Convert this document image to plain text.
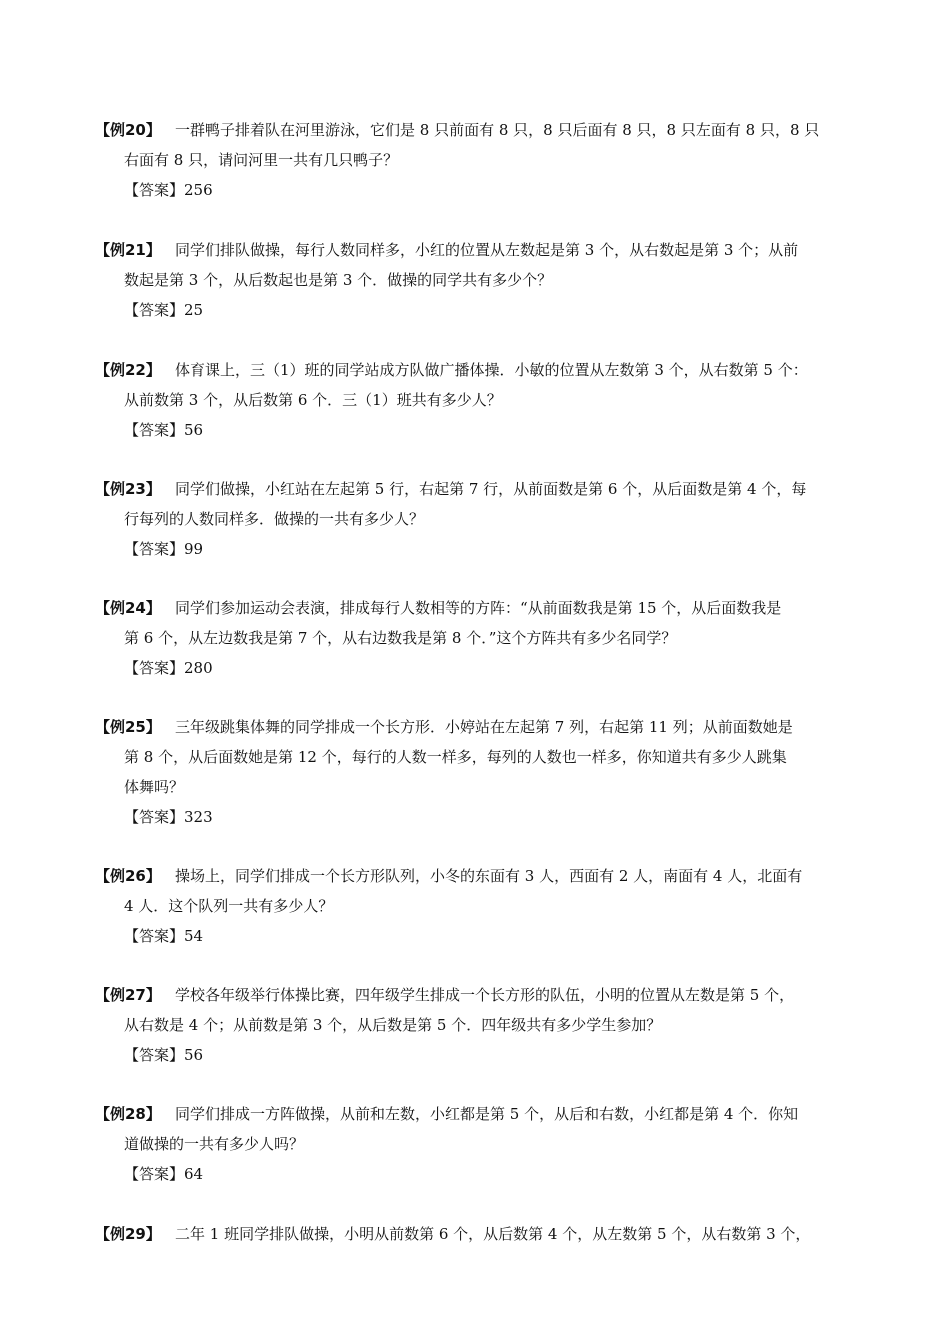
【例20】 一群鸭子排着队在河里游泳，它们是 8 只前面有 8 只，8 只后面有 8 只，8 只左面有 8 只，8 只
右面有 8 只，请问河里一共有几只鸭子？
【答案】256
【例21】 同学们排队做操，每行人数同样多，小红的位置从左数起是第 3 个，从右数起是第 3 个；从前
数起是第 3 个，从后数起也是第 3 个．做操的同学共有多少个？
【答案】25
【例22】 体育课上，三（1）班的同学站成方队做广播体操．小敏的位置从左数第 3 个，从右数第 5 个：
从前数第 3 个，从后数第 6 个．三（1）班共有多少人？
【答案】56
【例23】 同学们做操，小红站在左起第 5 行，右起第 7 行，从前面数是第 6 个，从后面数是第 4 个，每
行每列的人数同样多．做操的一共有多少人？
【答案】99
【例24】 同学们参加运动会表演，排成每行人数相等的方阵：“从前面数我是第 15 个，从后面数我是
第 6 个，从左边数我是第 7 个，从右边数我是第 8 个．”这个方阵共有多少名同学？
【答案】280
【例25】 三年级跳集体舞的同学排成一个长方形．小婷站在左起第 7 列，右起第 11 列；从前面数她是
第 8 个，从后面数她是第 12 个，每行的人数一样多，每列的人数也一样多，你知道共有多少人跳集
体舞吗？
【答案】323
【例26】 操场上，同学们排成一个长方形队列，小冬的东面有 3 人，西面有 2 人，南面有 4 人，北面有
4 人．这个队列一共有多少人？
【答案】54
【例27】 学校各年级举行体操比赛，四年级学生排成一个长方形的队伍，小明的位置从左数是第 5 个，
从右数是 4 个；从前数是第 3 个，从后数是第 5 个．四年级共有多少学生参加？
【答案】56
【例28】 同学们排成一方阵做操，从前和左数，小红都是第 5 个，从后和右数，小红都是第 4 个．你知
道做操的一共有多少人吗？
【答案】64
【例29】 二年 1 班同学排队做操，小明从前数第 6 个，从后数第 4 个，从左数第 5 个，从右数第 3 个，
